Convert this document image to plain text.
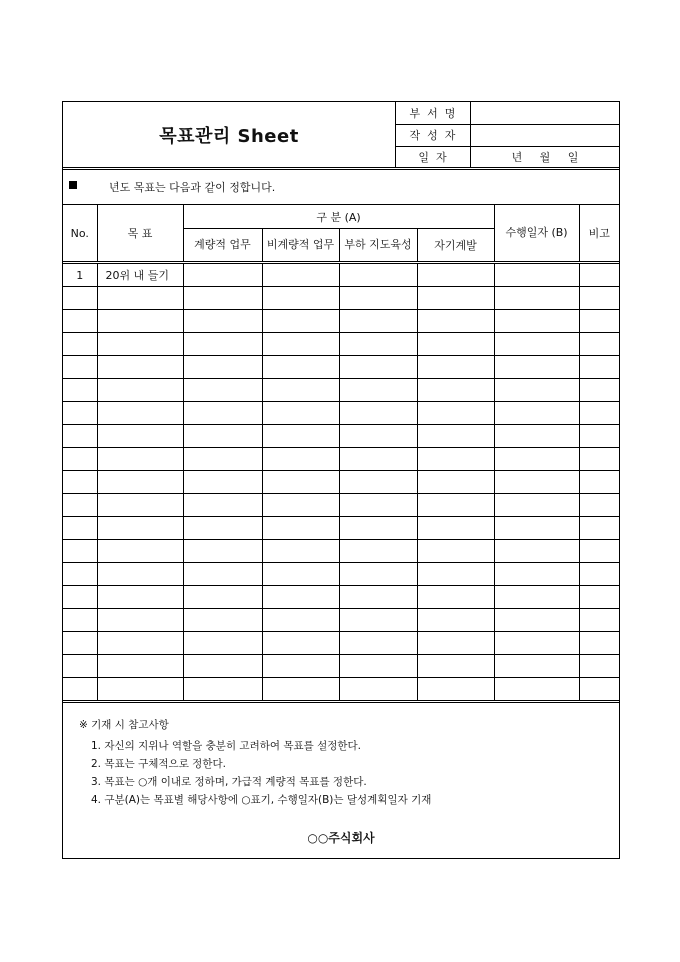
목표관리 Sheet
부서명
작성자
일자	년 월 일
년도 목표는 다음과 같이 정합니다.
No.	목 표	구 분 (A)				수행일자 (B)	비고
		계량적 업무	비계량적 업무	부하 지도육성	자기계발		
1	20위 내 들기						

※ 기재 시 참고사항
1. 자신의 지위나 역할을 충분히 고려하여 목표를 설정한다.
2. 목표는 구체적으로 정한다.
3. 목표는 ○개 이내로 정하며, 가급적 계량적 목표를 정한다.
4. 구분(A)는 목표별 해당사항에 ○표기, 수행일자(B)는 달성계획일자 기재
○○주식회사
